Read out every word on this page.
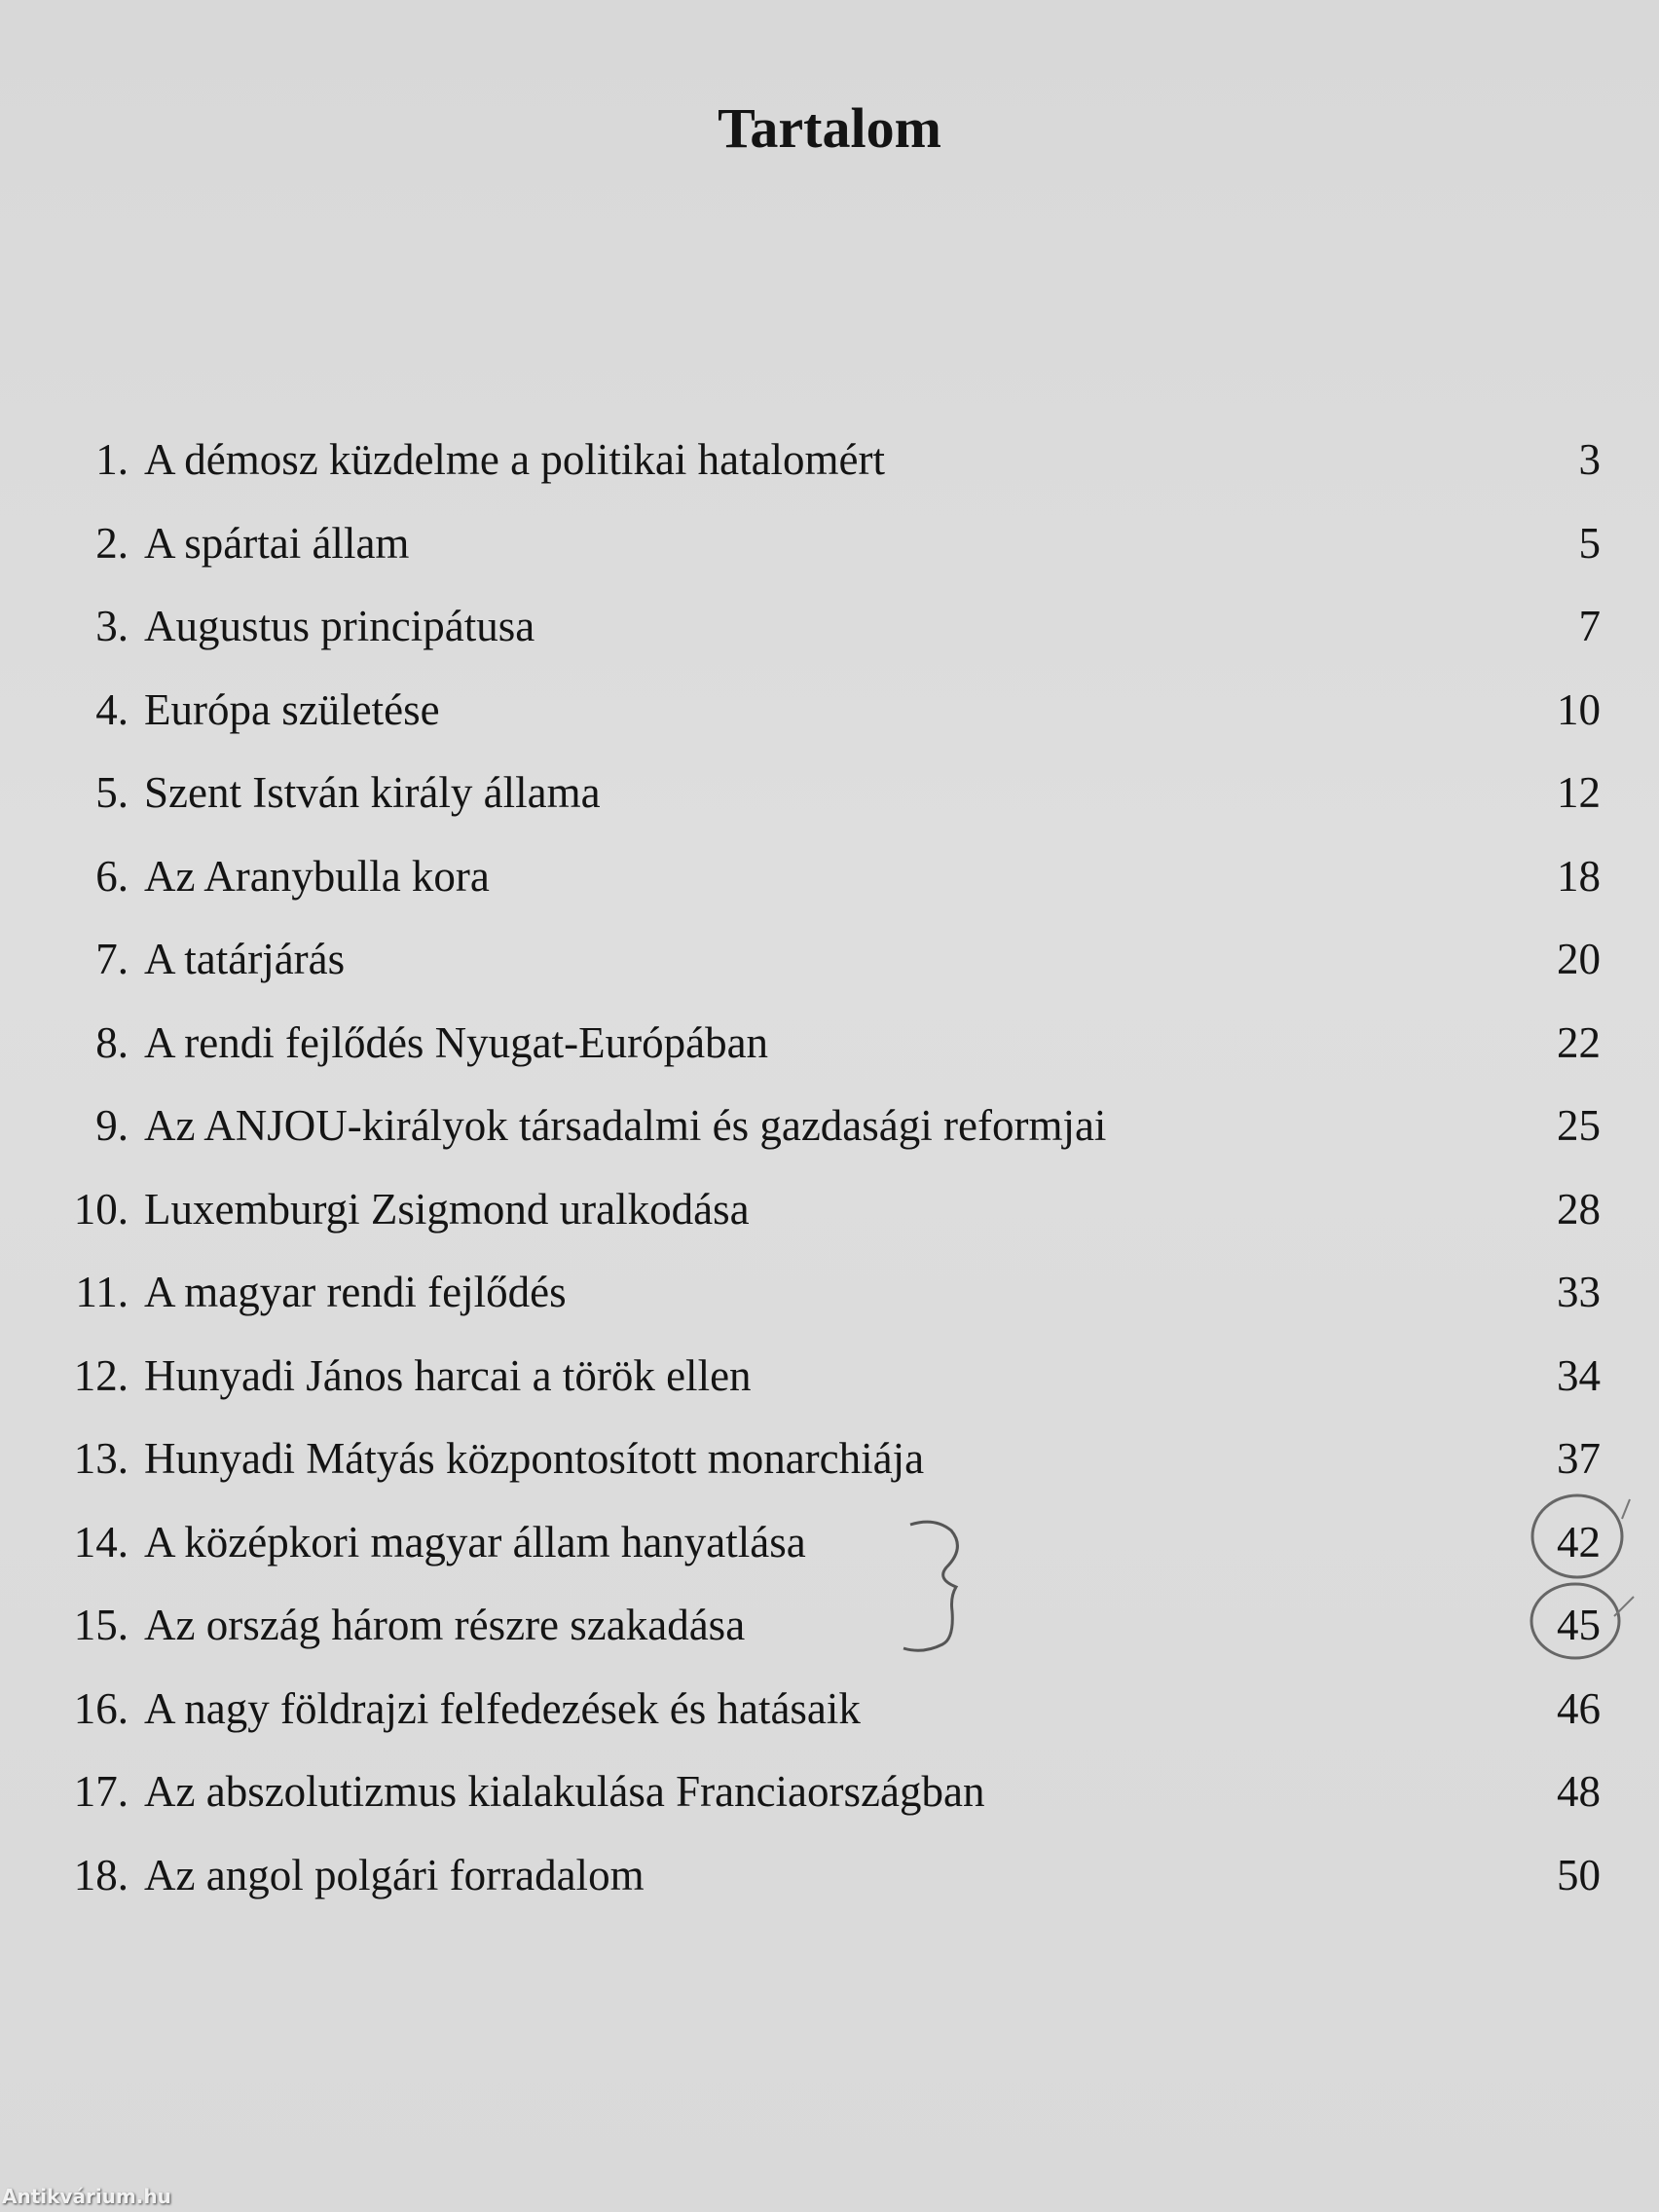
Tartalom
1. A démosz küzdelme a politikai hatalomért	3
2. A spártai állam	5
3. Augustus principátusa	7
4. Európa születése	10
5. Szent István király állama	12
6. Az Aranybulla kora	18
7. A tatárjárás	20
8. A rendi fejlődés Nyugat-Európában	22
9. Az ANJOU-királyok társadalmi és gazdasági reformjai	25
10. Luxemburgi Zsigmond uralkodása	28
11. A magyar rendi fejlődés	33
12. Hunyadi János harcai a török ellen	34
13. Hunyadi Mátyás központosított monarchiája	37
14. A középkori magyar állam hanyatlása	42
15. Az ország három részre szakadása	45
16. A nagy földrajzi felfedezések és hatásaik	46
17. Az abszolutizmus kialakulása Franciaországban	48
18. Az angol polgári forradalom	50
Antikvárium.hu
